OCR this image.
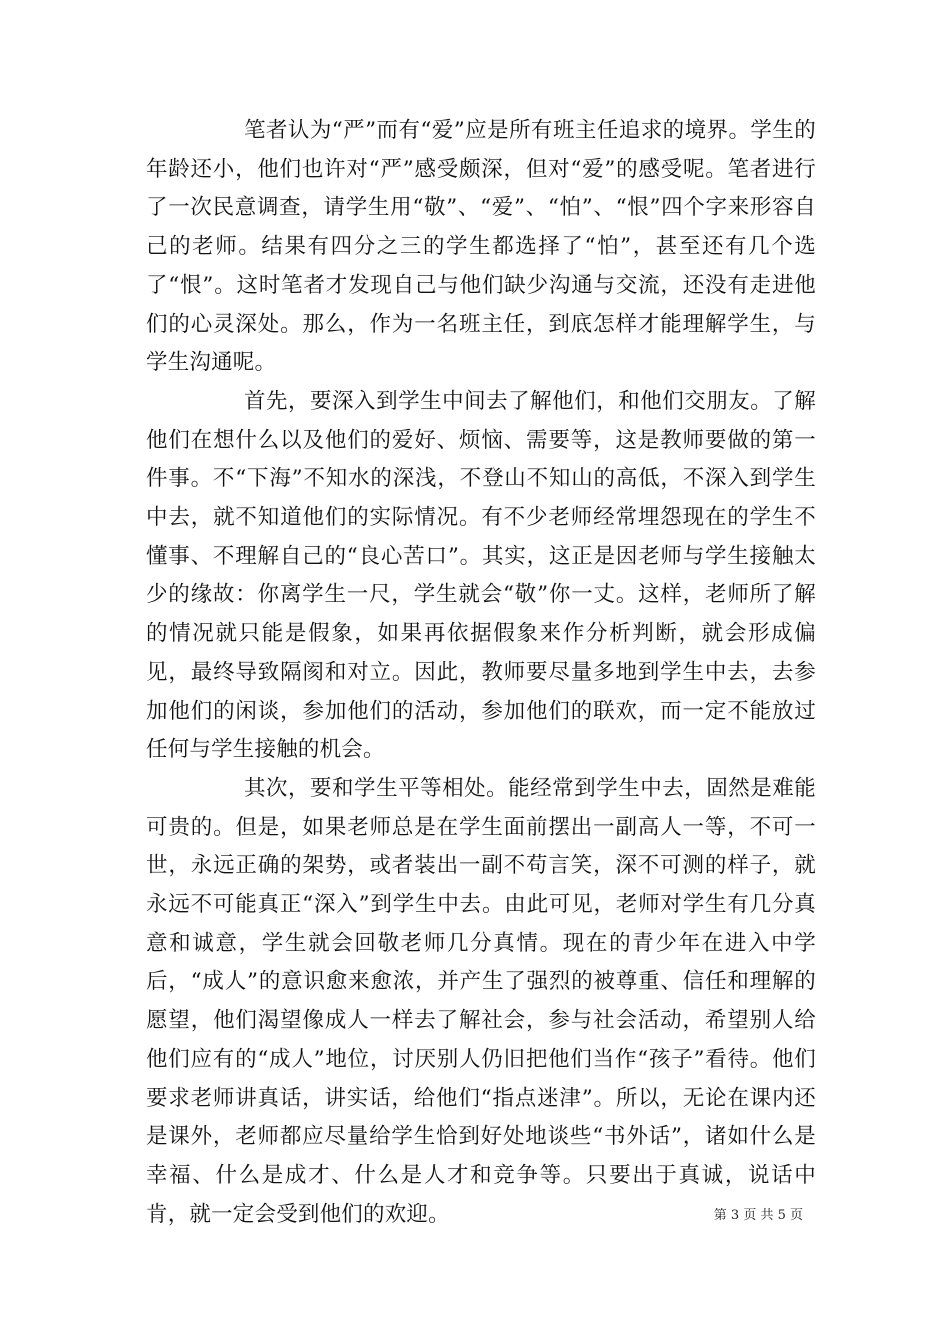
笔者认为“严”而有“爱”应是所有班主任追求的境界。学生的年龄还小，他们也许对“严”感受颇深，但对“爱”的感受呢。笔者进行了一次民意调查，请学生用“敬”、“爱”、“怕”、“恨”四个字来形容自己的老师。结果有四分之三的学生都选择了“怕”，甚至还有几个选了“恨”。这时笔者才发现自己与他们缺少沟通与交流，还没有走进他们的心灵深处。那么，作为一名班主任，到底怎样才能理解学生，与学生沟通呢。

首先，要深入到学生中间去了解他们，和他们交朋友。了解他们在想什么以及他们的爱好、烦恼、需要等，这是教师要做的第一件事。不“下海”不知水的深浅，不登山不知山的高低，不深入到学生中去，就不知道他们的实际情况。有不少老师经常埋怨现在的学生不懂事、不理解自己的“良心苦口”。其实，这正是因老师与学生接触太少的缘故：你离学生一尺，学生就会“敬”你一丈。这样，老师所了解的情况就只能是假象，如果再依据假象来作分析判断，就会形成偏见，最终导致隔阂和对立。因此，教师要尽量多地到学生中去，去参加他们的闲谈，参加他们的活动，参加他们的联欢，而一定不能放过任何与学生接触的机会。

其次，要和学生平等相处。能经常到学生中去，固然是难能可贵的。但是，如果老师总是在学生面前摆出一副高人一等，不可一世，永远正确的架势，或者装出一副不苟言笑，深不可测的样子，就永远不可能真正“深入”到学生中去。由此可见，老师对学生有几分真意和诚意，学生就会回敬老师几分真情。现在的青少年在进入中学后，“成人”的意识愈来愈浓，并产生了强烈的被尊重、信任和理解的愿望，他们渴望像成人一样去了解社会，参与社会活动，希望别人给他们应有的“成人”地位，讨厌别人仍旧把他们当作“孩子”看待。他们要求老师讲真话，讲实话，给他们“指点迷津”。所以，无论在课内还是课外，老师都应尽量给学生恰到好处地谈些“书外话”，诸如什么是幸福、什么是成才、什么是人才和竞争等。只要出于真诚，说话中肯，就一定会受到他们的欢迎。	第 3 页 共 5 页
